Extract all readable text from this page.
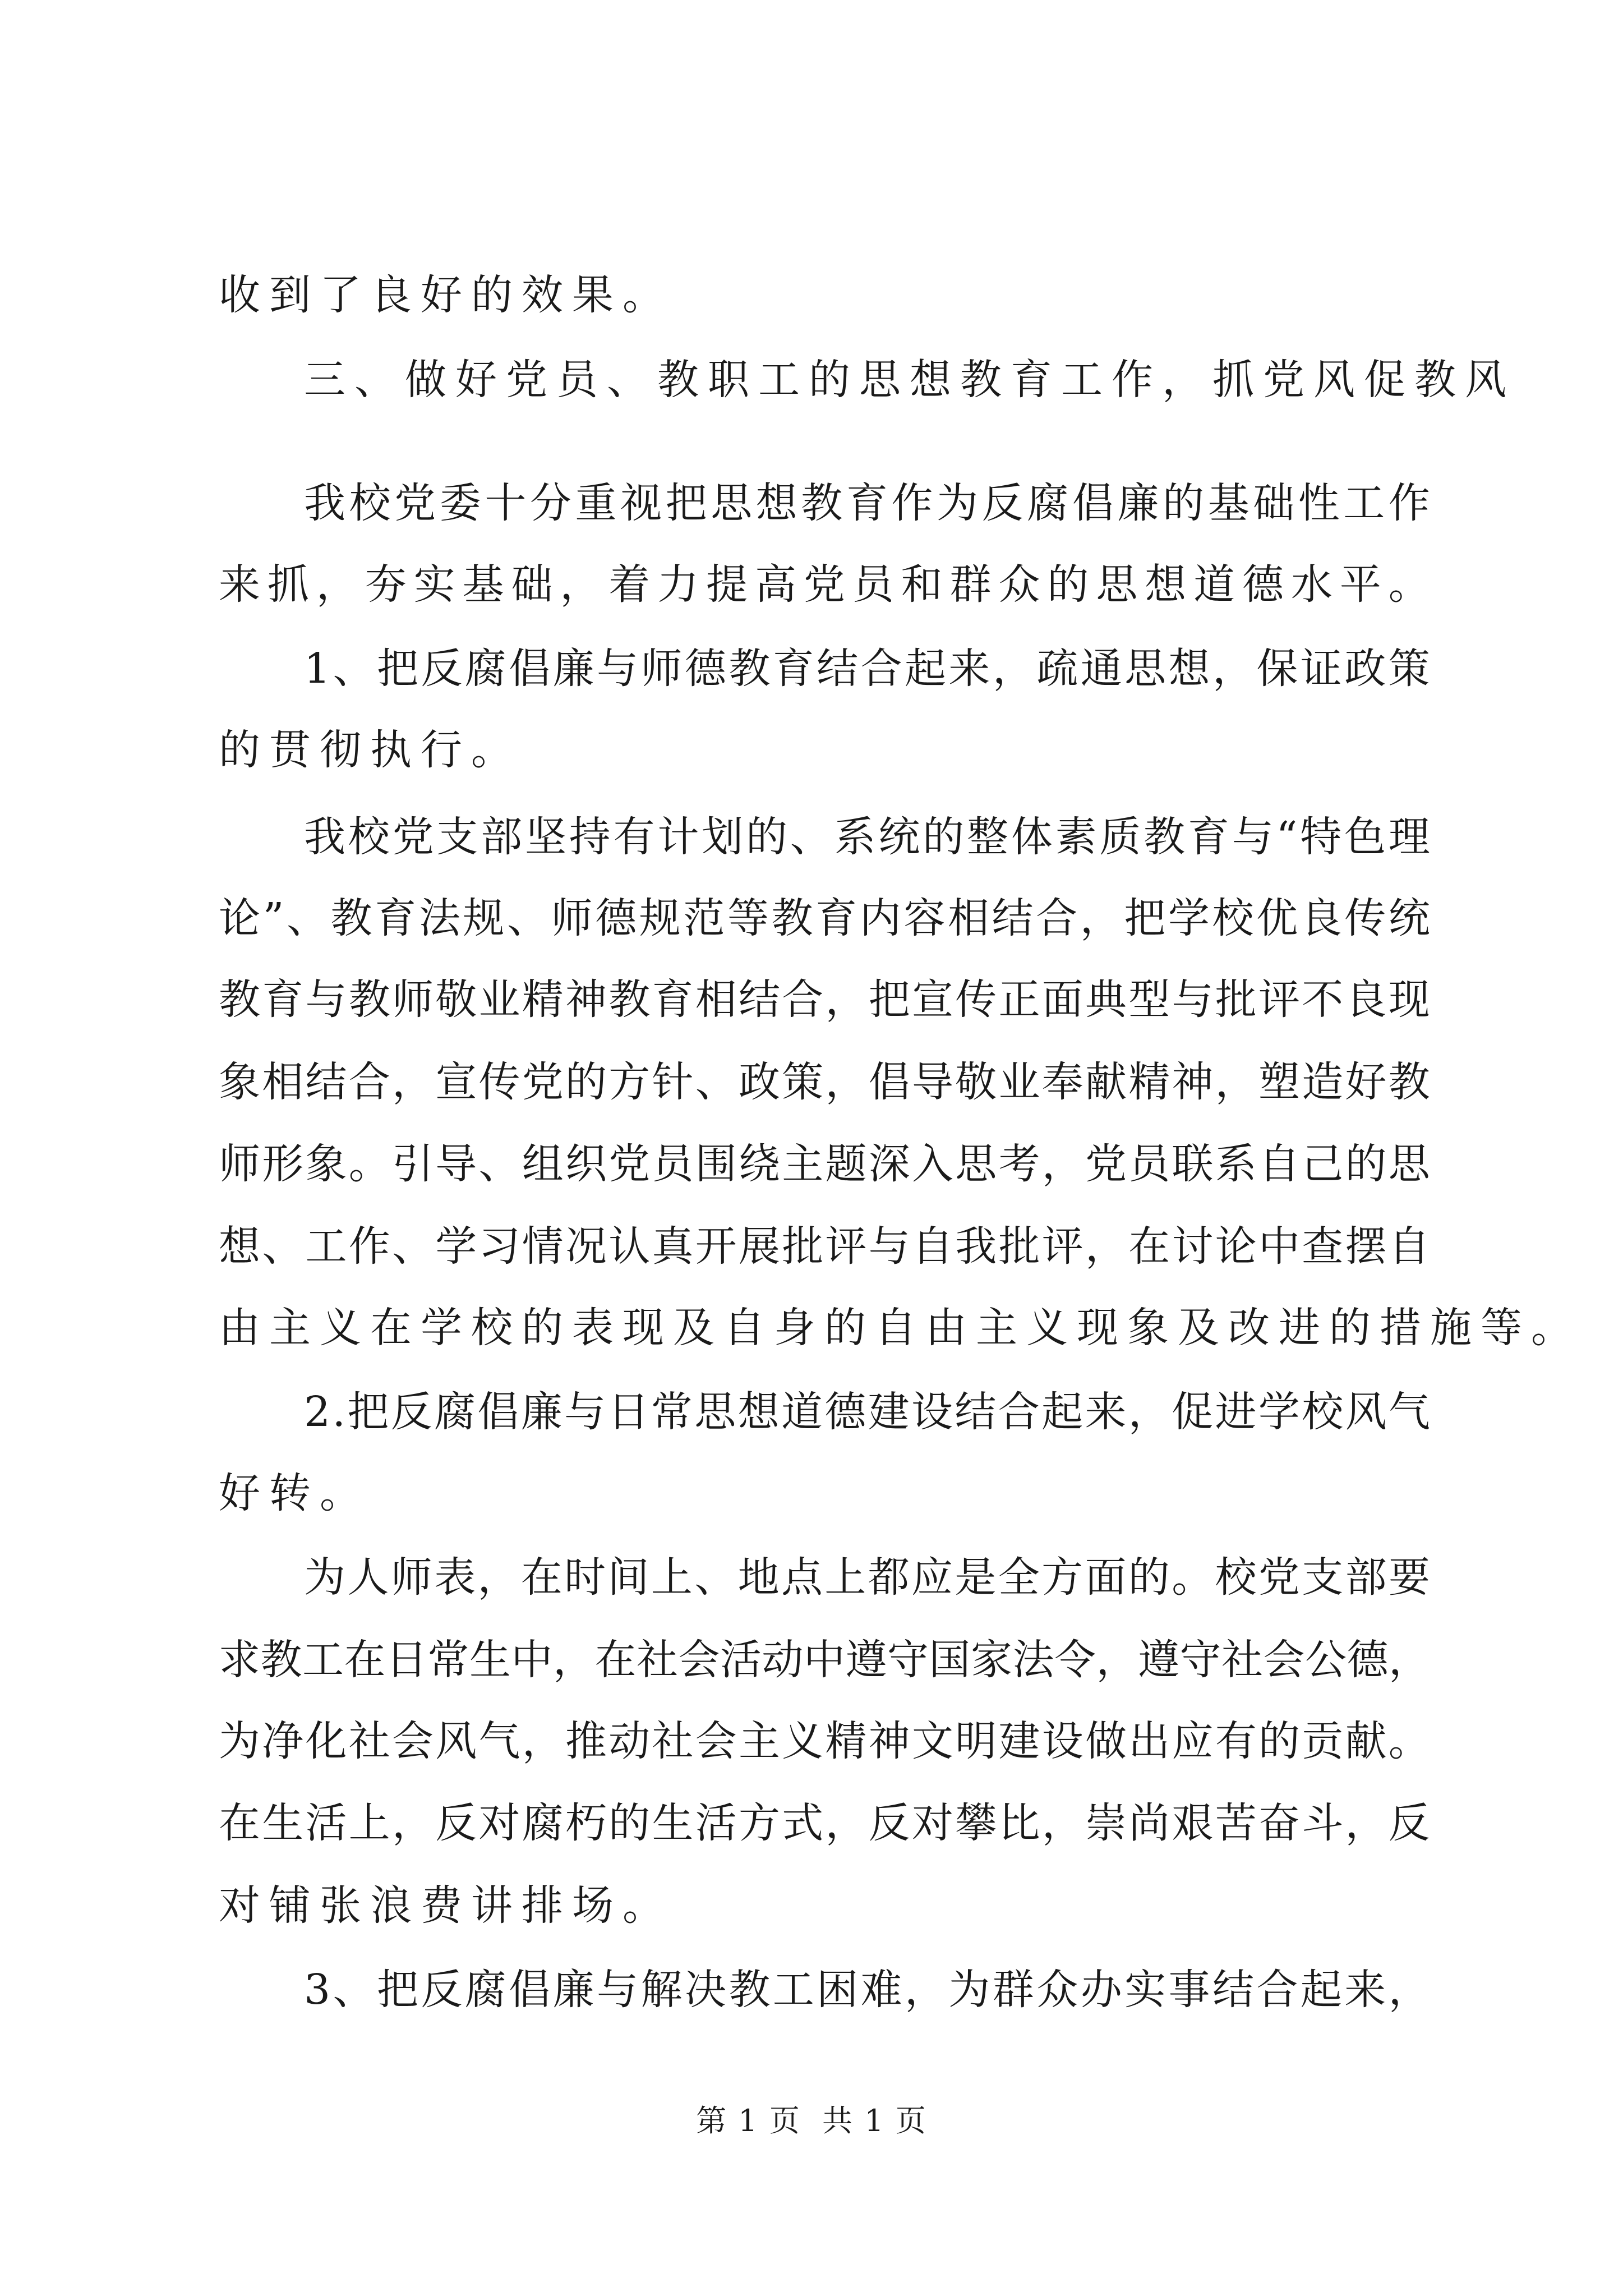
收到了良好的效果。
三、做好党员、教职工的思想教育工作，抓党风促教风
我 校 党 委 十 分 重 视 把 思 想 教 育 作 为 反 腐 倡 廉 的 基 础 性 工 作
来 抓 ， 夯 实 基 础 ， 着 力 提 高 党 员 和 群 众 的 思 想 道 德 水 平 。
1 、 把 反 腐 倡 廉 与 师 德 教 育 结 合 起 来 ， 疏 通 思 想 ， 保 证 政 策
的贯彻执行。
我 校 党 支 部 坚 持 有 计 划 的 、 系 统 的 整 体 素 质 教 育 与 “ 特 色 理
论 ” 、 教 育 法 规 、 师 德 规 范 等 教 育 内 容 相 结 合 ， 把 学 校 优 良 传 统
教 育 与 教 师 敬 业 精 神 教 育 相 结 合 ， 把 宣 传 正 面 典 型 与 批 评 不 良 现
象 相 结 合 ， 宣 传 党 的 方 针 、 政 策 ， 倡 导 敬 业 奉 献 精 神 ， 塑 造 好 教
师 形 象 。 引 导 、 组 织 党 员 围 绕 主 题 深 入 思 考 ， 党 员 联 系 自 己 的 思
想 、 工 作 、 学 习 情 况 认 真 开 展 批 评 与 自 我 批 评 ， 在 讨 论 中 查 摆 自
由主义在学校的表现及自身的自由主义现象及改进的措施等。
2 . 把 反 腐 倡 廉 与 日 常 思 想 道 德 建 设 结 合 起 来 ， 促 进 学 校 风 气
好转。
为 人 师 表 ， 在 时 间 上 、 地 点 上 都 应 是 全 方 面 的 。 校 党 支 部 要
求 教 工 在 日 常 生 中 ， 在 社 会 活 动 中 遵 守 国 家 法 令 ， 遵 守 社 会 公 德 ，
为 净 化 社 会 风 气 ， 推 动 社 会 主 义 精 神 文 明 建 设 做 出 应 有 的 贡 献 。
在 生 活 上 ， 反 对 腐 朽 的 生 活 方 式 ， 反 对 攀 比 ， 崇 尚 艰 苦 奋 斗 ， 反
对铺张浪费讲排场。
3 、 把 反 腐 倡 廉 与 解 决 教 工 困 难 ， 为 群 众 办 实 事 结 合 起 来 ，
第 1 页  共 1 页
